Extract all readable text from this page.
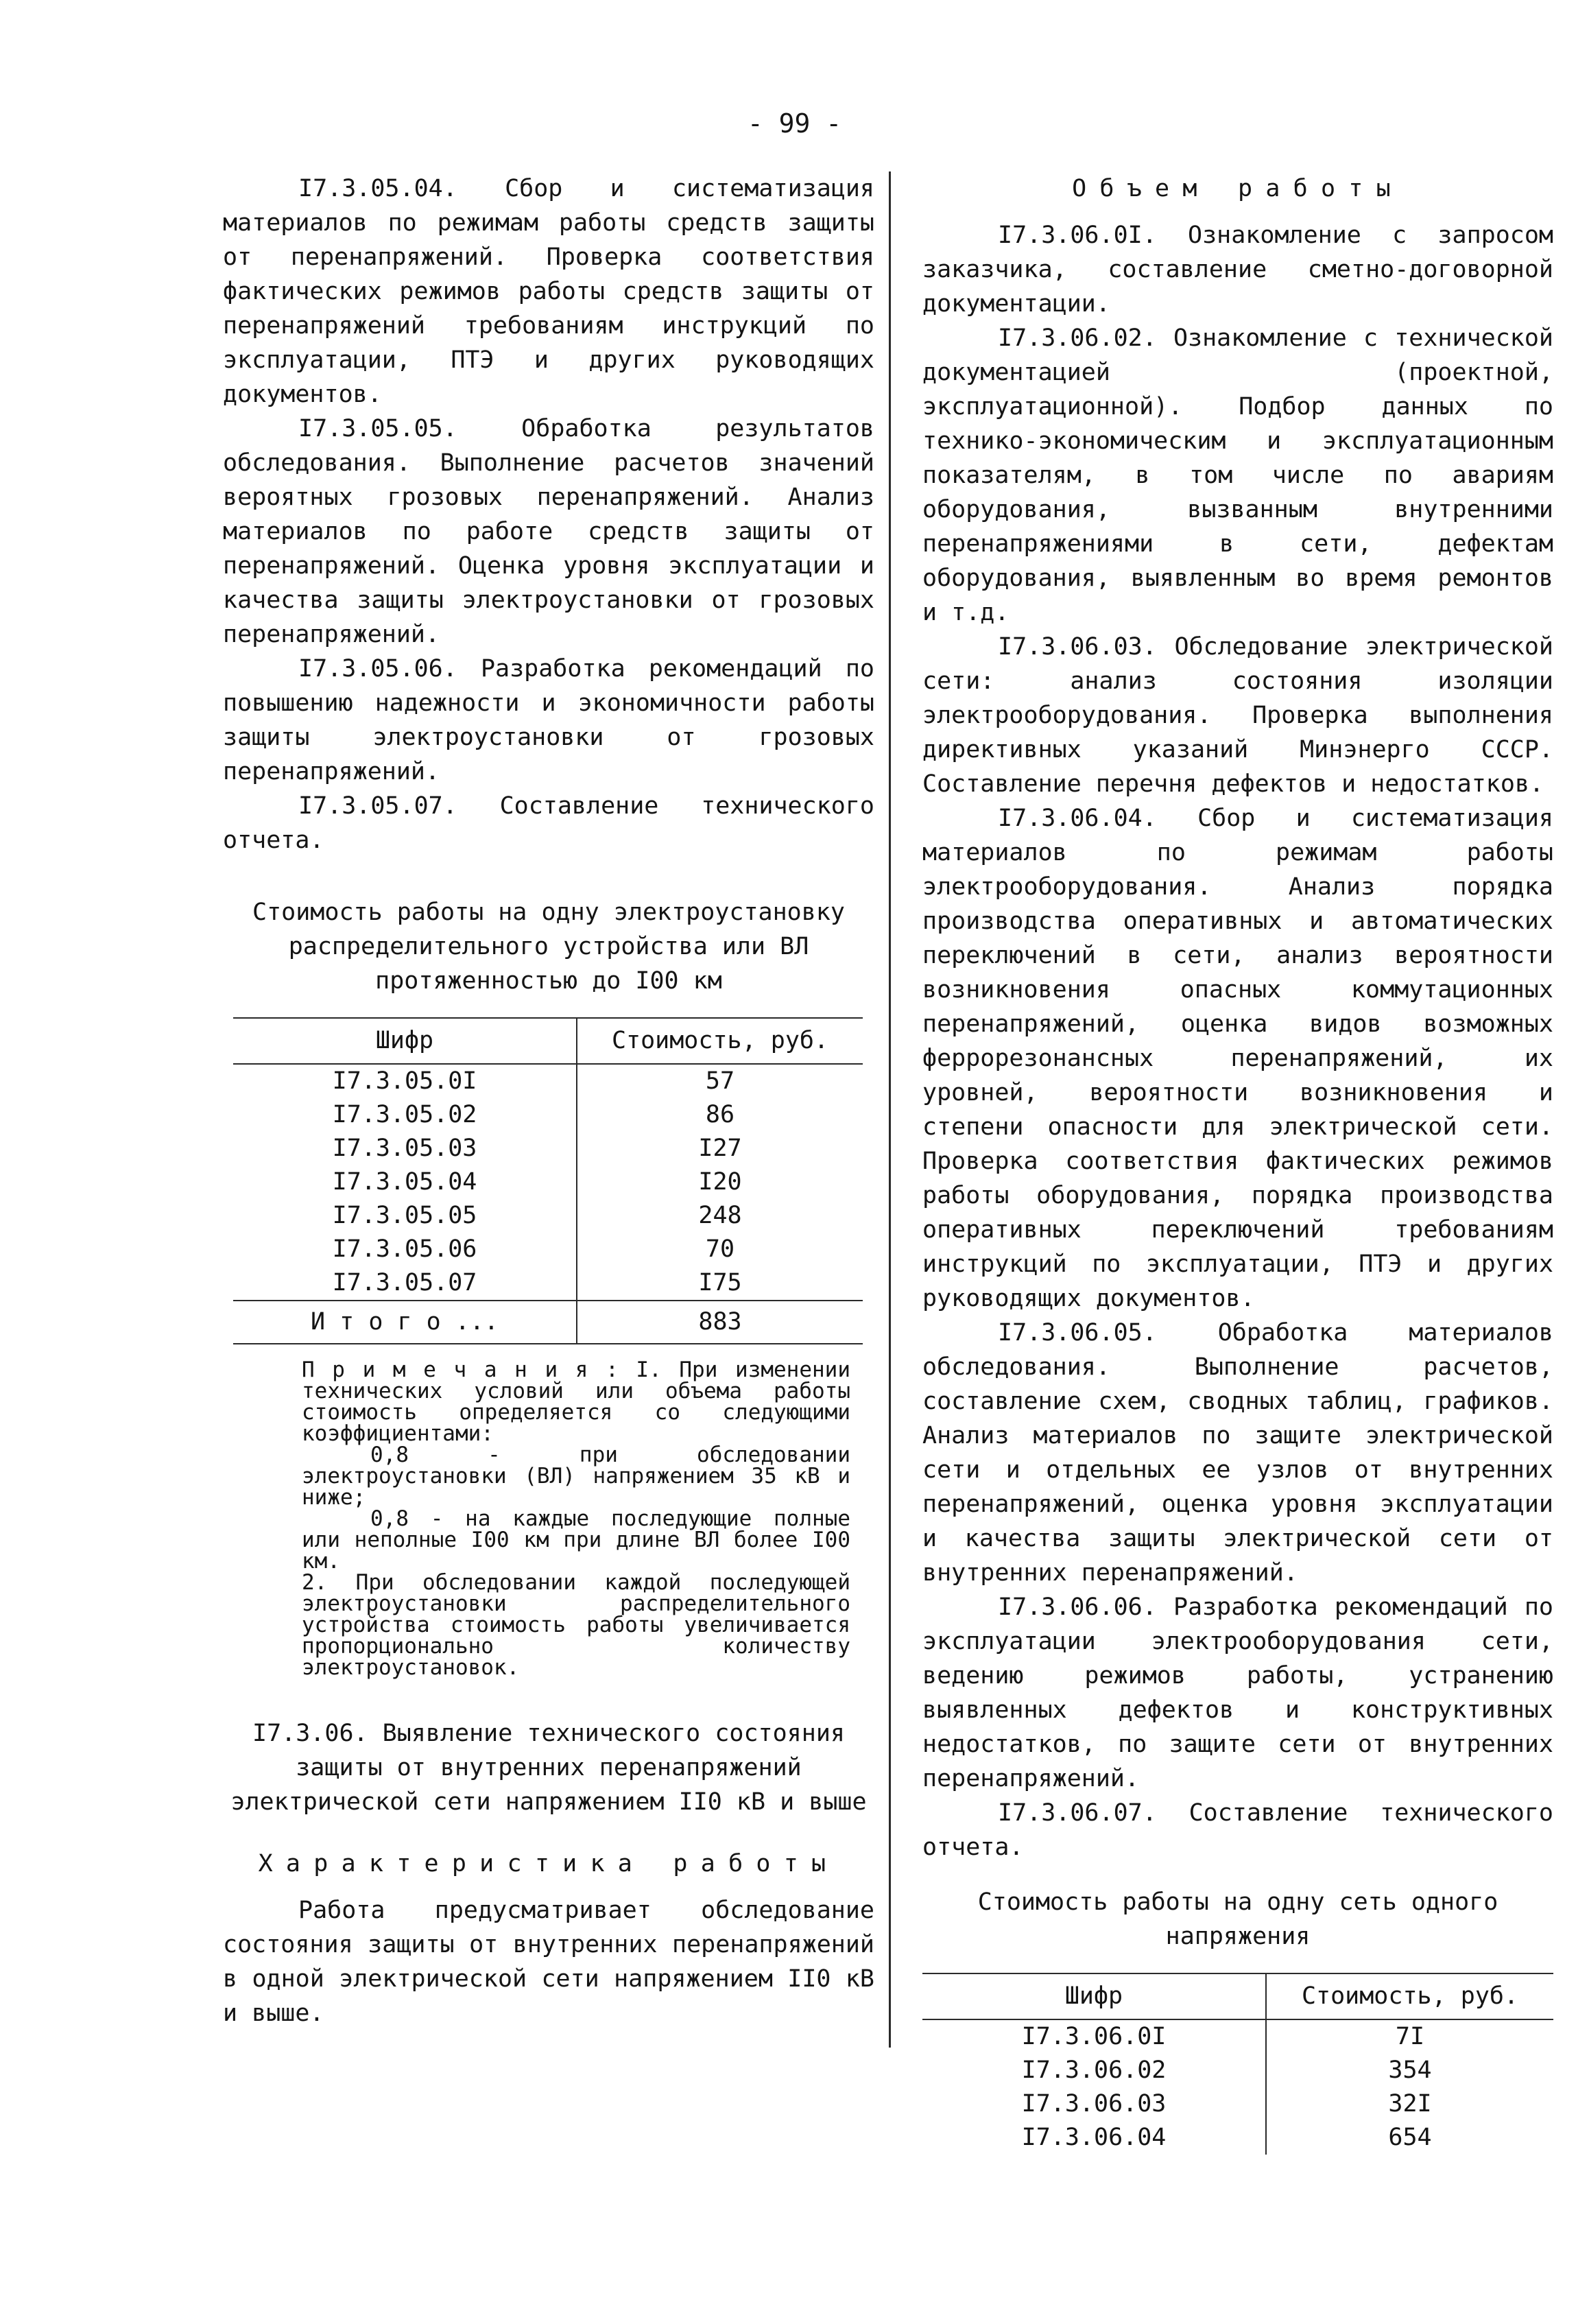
- 99 -

I7.3.05.04. Сбор и систематизация материалов по режимам работы средств защиты от перенапряжений. Проверка соответствия фактических режимов работы средств защиты от перенапряжений требованиям инструкций по эксплуатации, ПТЭ и других руководящих документов.

I7.3.05.05. Обработка результатов обследования. Выполнение расчетов значений вероятных грозовых перенапряжений. Анализ материалов по работе средств защиты от перенапряжений. Оценка уровня эксплуатации и качества защиты электроустановки от грозовых перенапряжений.

I7.3.05.06. Разработка рекомендаций по повышению надежности и экономичности работы защиты электроустановки от грозовых перенапряжений.

I7.3.05.07. Составление технического отчета.

Стоимость работы на одну электроустановку распределительного устройства или ВЛ протяженностью до I00 км

Шифр	Стоимость, руб.
I7.3.05.0I	57
I7.3.05.02	86
I7.3.05.03	I27
I7.3.05.04	I20
I7.3.05.05	248
I7.3.05.06	70
I7.3.05.07	I75
И т о г о ...	883

П р и м е ч а н и я : I. При изменении технических условий или объема работы стоимость определяется со следующими коэффициентами:

0,8 - при обследовании электроустановки (ВЛ) напряжением 35 кВ и ниже;

0,8 - на каждые последующие полные или неполные I00 км при длине ВЛ более I00 км.

2. При обследовании каждой последующей электроустановки распределительного устройства стоимость работы увеличивается пропорционально количеству электроустановок.

I7.3.06. Выявление технического состояния защиты от внутренних перенапряжений электрической сети напряжением II0 кВ и выше

Характеристика работы

Работа предусматривает обследование состояния защиты от внутренних перенапряжений в одной электрической сети напряжением II0 кВ и выше.

Объем работы

I7.3.06.0I. Ознакомление с запросом заказчика, составление сметно-договорной документации.

I7.3.06.02. Ознакомление с технической документацией (проектной, эксплуатационной). Подбор данных по технико-экономическим и эксплуатационным показателям, в том числе по авариям оборудования, вызванным внутренними перенапряжениями в сети, дефектам оборудования, выявленным во время ремонтов и т.д.

I7.3.06.03. Обследование электрической сети: анализ состояния изоляции электрооборудования. Проверка выполнения директивных указаний Минэнерго СССР. Составление перечня дефектов и недостатков.

I7.3.06.04. Сбор и систематизация материалов по режимам работы электрооборудования. Анализ порядка производства оперативных и автоматических переключений в сети, анализ вероятности возникновения опасных коммутационных перенапряжений, оценка видов возможных феррорезонансных перенапряжений, их уровней, вероятности возникновения и степени опасности для электрической сети. Проверка соответствия фактических режимов работы оборудования, порядка производства оперативных переключений требованиям инструкций по эксплуатации, ПТЭ и других руководящих документов.

I7.3.06.05. Обработка материалов обследования. Выполнение расчетов, составление схем, сводных таблиц, графиков. Анализ материалов по защите электрической сети и отдельных ее узлов от внутренних перенапряжений, оценка уровня эксплуатации и качества защиты электрической сети от внутренних перенапряжений.

I7.3.06.06. Разработка рекомендаций по эксплуатации электрооборудования сети, ведению режимов работы, устранению выявленных дефектов и конструктивных недостатков, по защите сети от внутренних перенапряжений.

I7.3.06.07. Составление технического отчета.

Стоимость работы на одну сеть одного напряжения

Шифр	Стоимость, руб.
I7.3.06.0I	7I
I7.3.06.02	354
I7.3.06.03	32I
I7.3.06.04	654
